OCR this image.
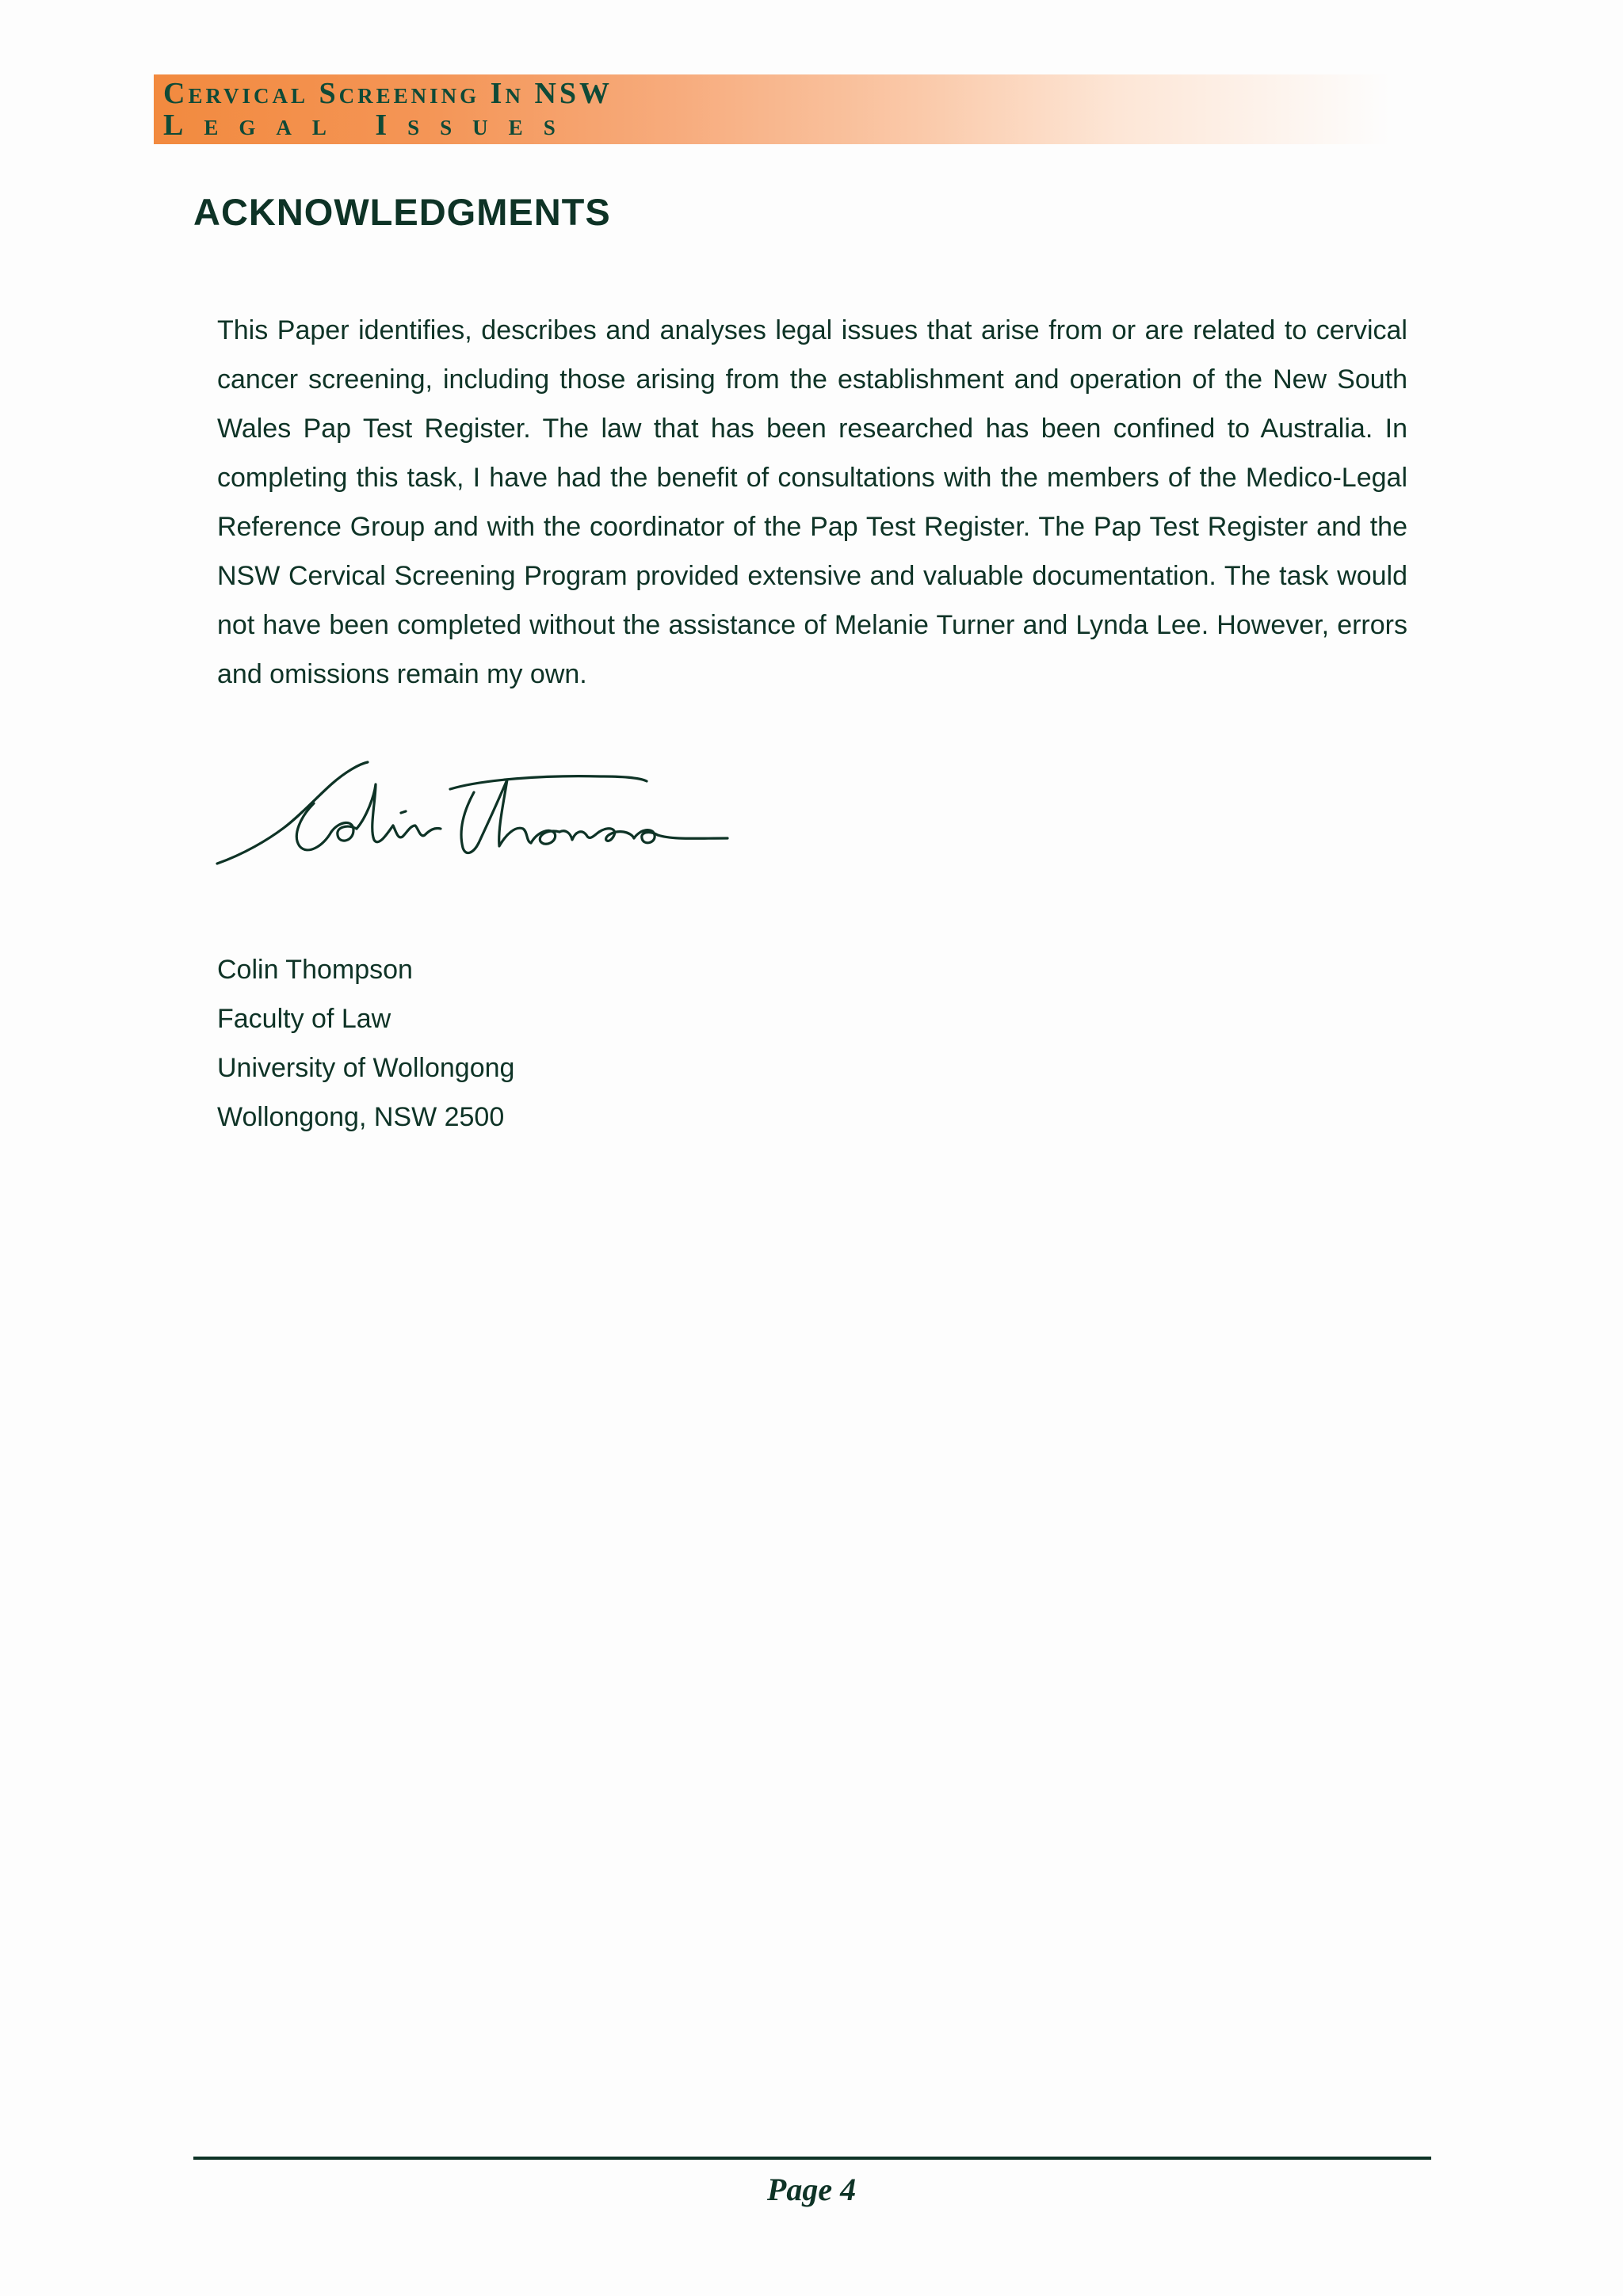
Cervical Screening In NSW
Legal Issues
ACKNOWLEDGMENTS

This Paper identifies, describes and analyses legal issues that arise from or are related to cervical cancer screening, including those arising from the establishment and operation of the New South Wales Pap Test Register. The law that has been researched has been confined to Australia. In completing this task, I have had the benefit of consultations with the members of the Medico-Legal Reference Group and with the coordinator of the Pap Test Register. The Pap Test Register and the NSW Cervical Screening Program provided extensive and valuable documentation. The task would not have been completed without the assistance of Melanie Turner and Lynda Lee. However, errors and omissions remain my own.

Colin Thompson
Faculty of Law
University of Wollongong
Wollongong, NSW 2500
Page 4
